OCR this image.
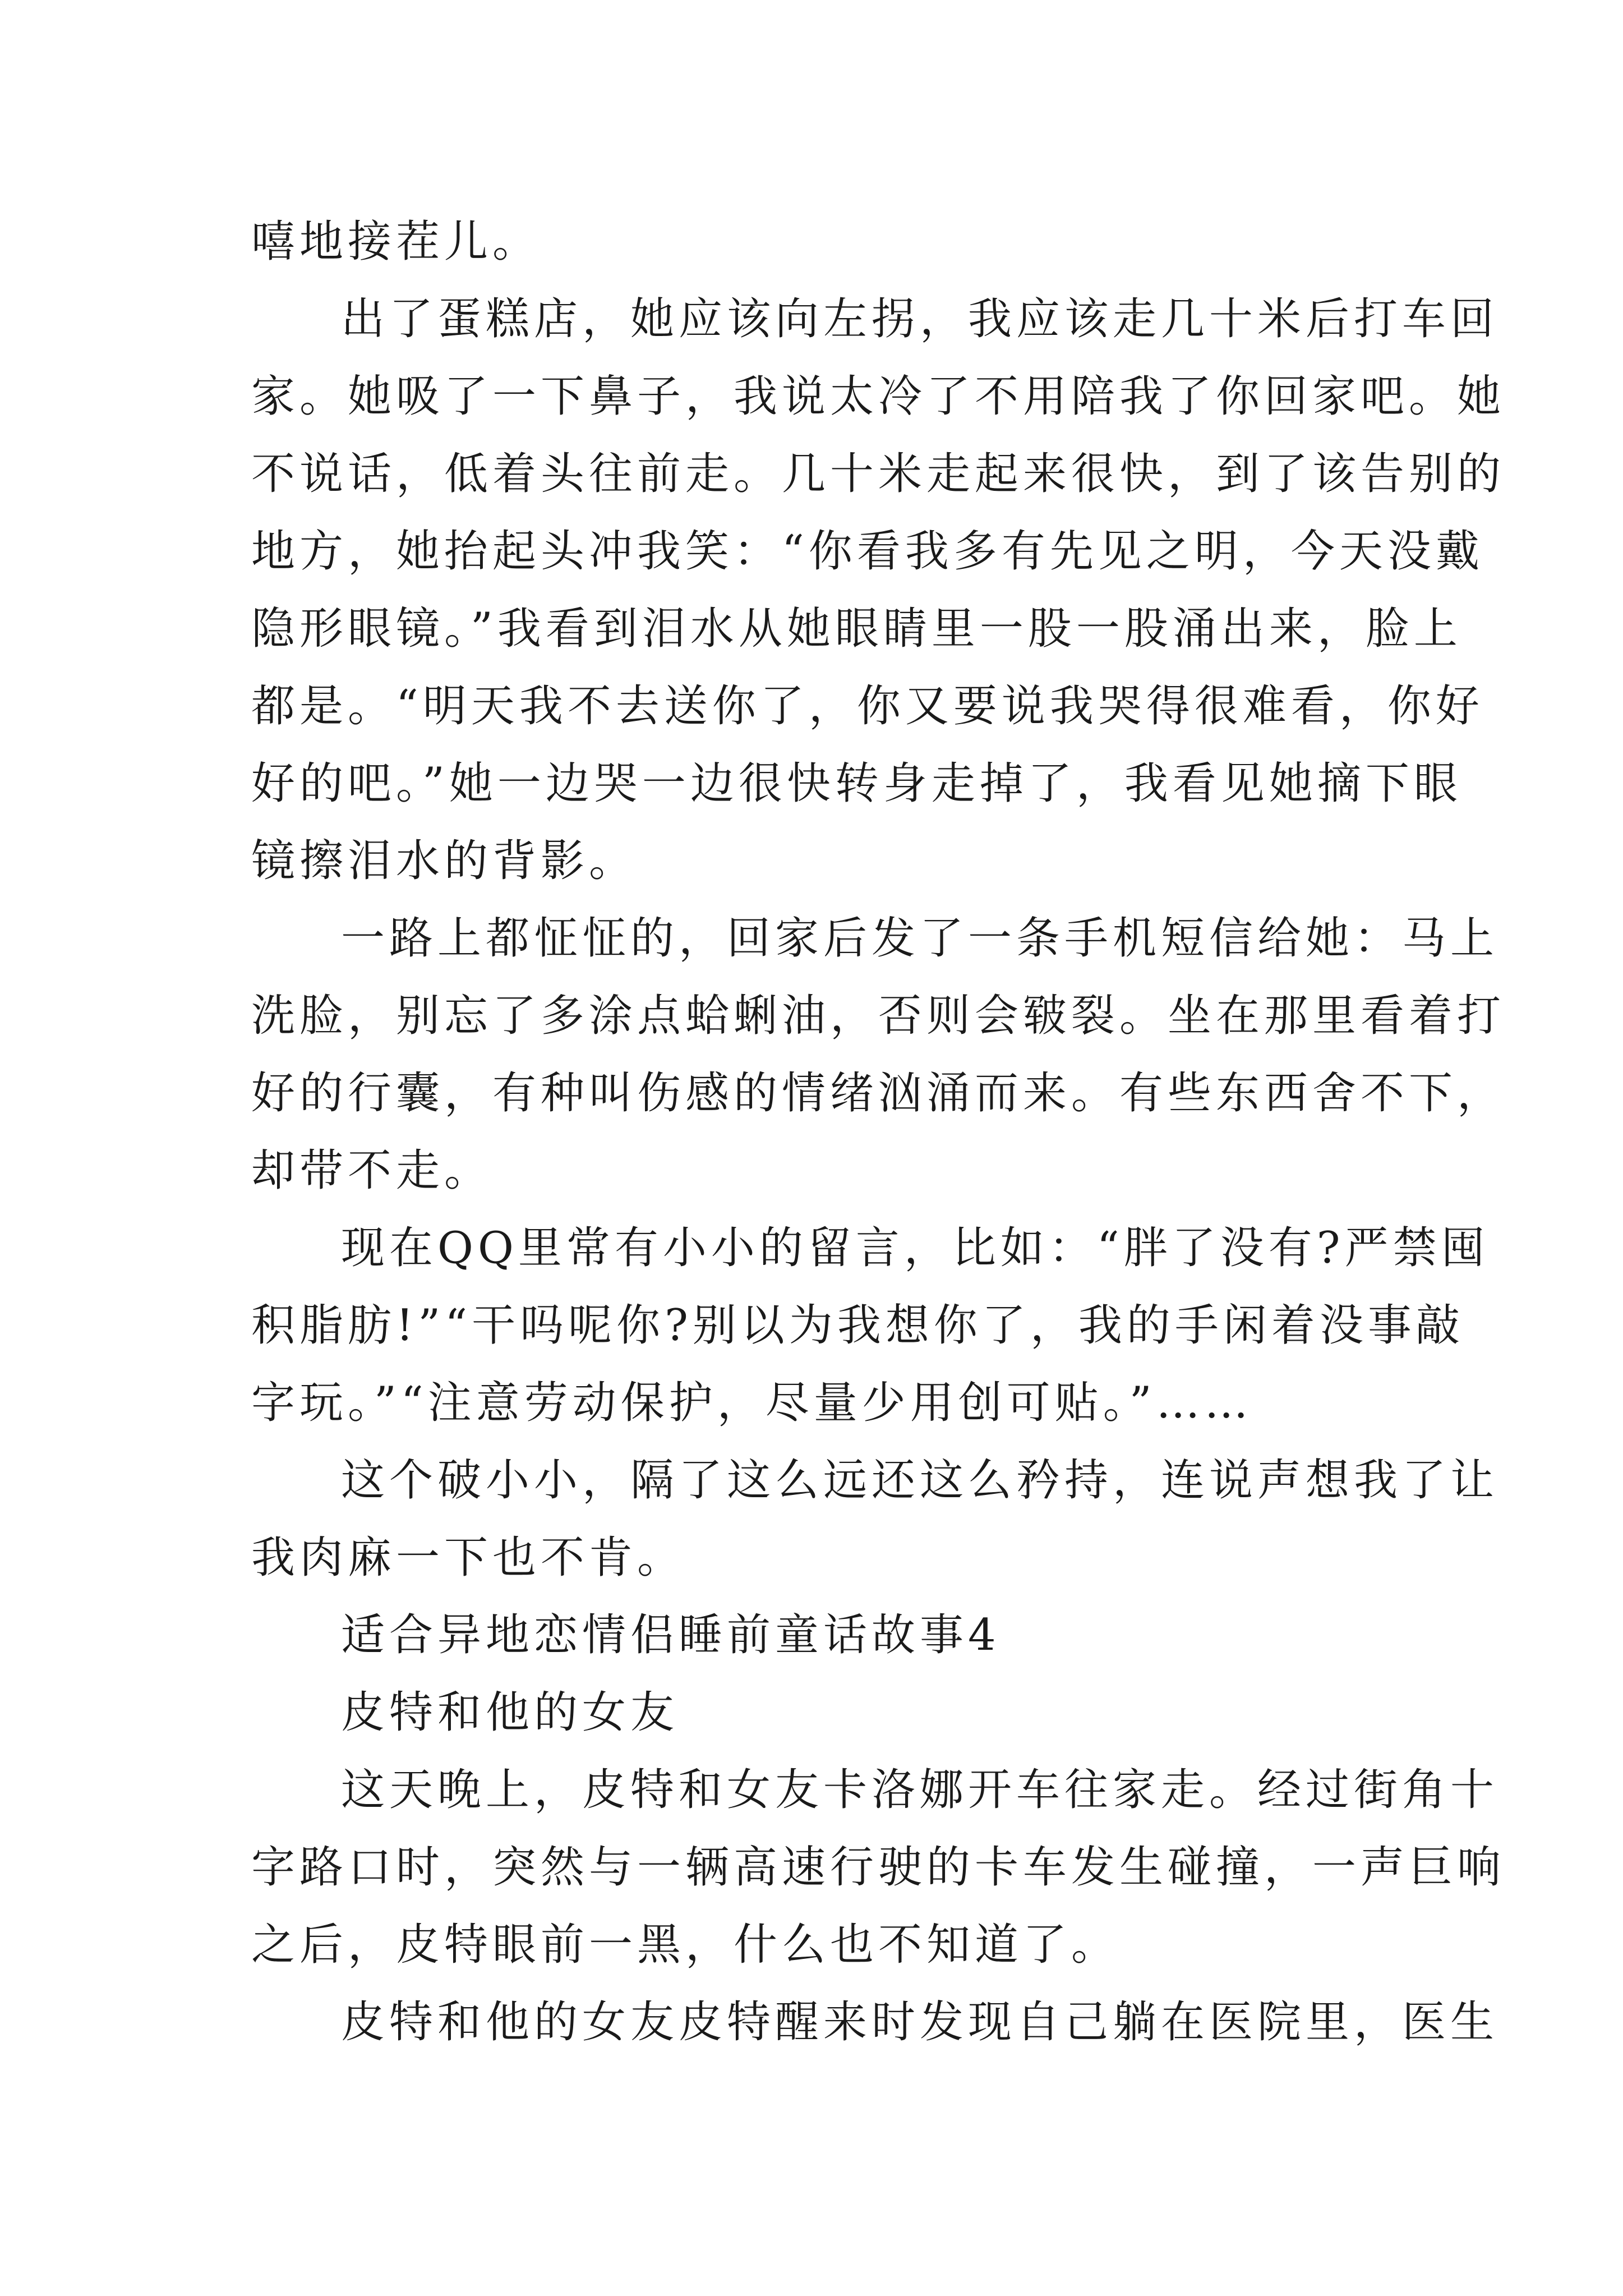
嘻地接茬儿。
出了蛋糕店，她应该向左拐，我应该走几十米后打车回
家。她吸了一下鼻子，我说太冷了不用陪我了你回家吧。她
不说话，低着头往前走。几十米走起来很快，到了该告别的
地方，她抬起头冲我笑：“你看我多有先见之明，今天没戴
隐形眼镜。”我看到泪水从她眼睛里一股一股涌出来，脸上
都是。“明天我不去送你了，你又要说我哭得很难看，你好
好的吧。”她一边哭一边很快转身走掉了，我看见她摘下眼
镜擦泪水的背影。
一路上都怔怔的，回家后发了一条手机短信给她：马上
洗脸，别忘了多涂点蛤蜊油，否则会皲裂。坐在那里看着打
好的行囊，有种叫伤感的情绪汹涌而来。有些东西舍不下，
却带不走。
现在QQ里常有小小的留言，比如：“胖了没有?严禁囤
积脂肪!”“干吗呢你?别以为我想你了，我的手闲着没事敲
字玩。”“注意劳动保护，尽量少用创可贴。”……
这个破小小，隔了这么远还这么矜持，连说声想我了让
我肉麻一下也不肯。
适合异地恋情侣睡前童话故事4
皮特和他的女友
这天晚上，皮特和女友卡洛娜开车往家走。经过街角十
字路口时，突然与一辆高速行驶的卡车发生碰撞，一声巨响
之后，皮特眼前一黑，什么也不知道了。
皮特和他的女友皮特醒来时发现自己躺在医院里，医生
